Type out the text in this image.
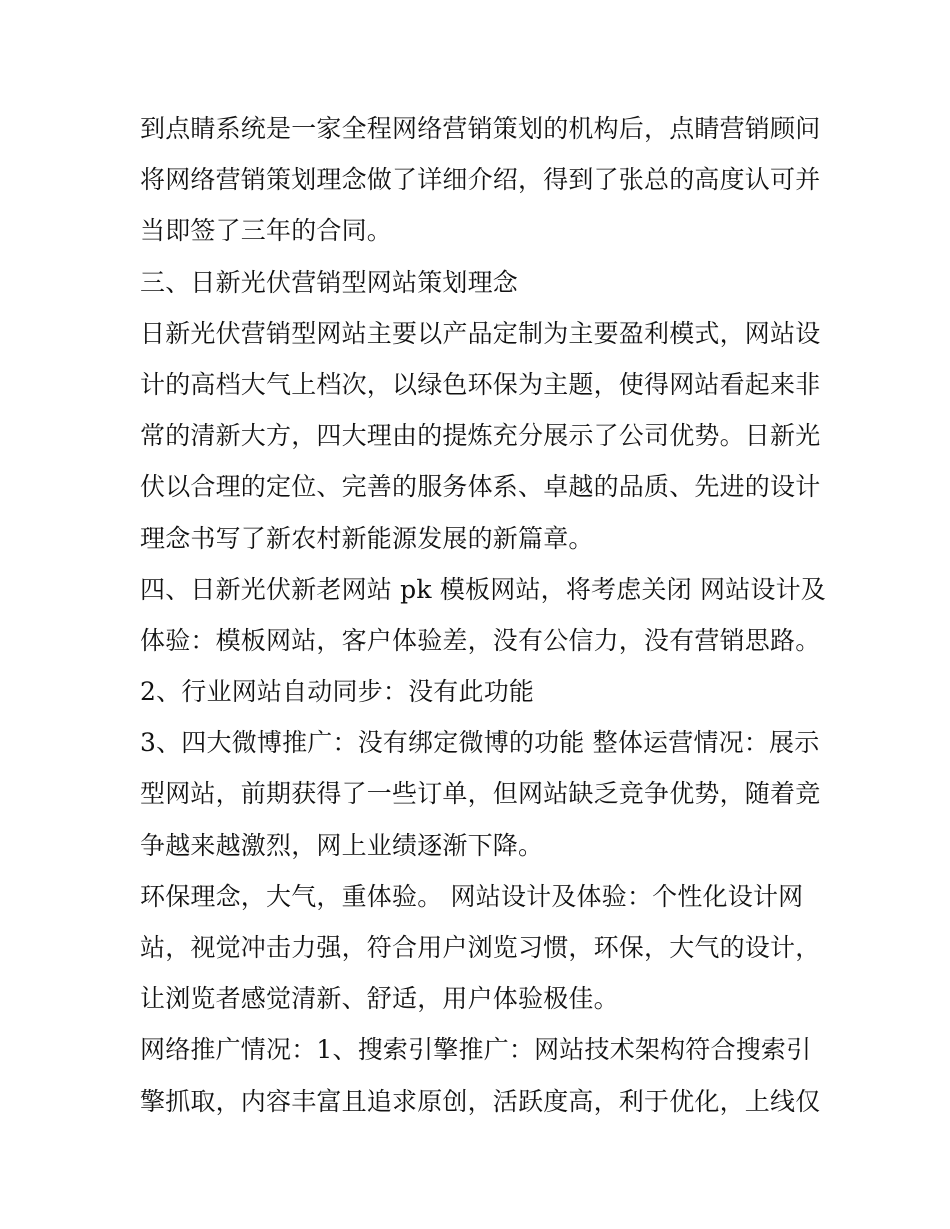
到点睛系统是一家全程网络营销策划的机构后，点睛营销顾问
将网络营销策划理念做了详细介绍，得到了张总的高度认可并
当即签了三年的合同。
三、日新光伏营销型网站策划理念
日新光伏营销型网站主要以产品定制为主要盈利模式，网站设
计的高档大气上档次，以绿色环保为主题，使得网站看起来非
常的清新大方，四大理由的提炼充分展示了公司优势。日新光
伏以合理的定位、完善的服务体系、卓越的品质、先进的设计
理念书写了新农村新能源发展的新篇章。
四、日新光伏新老网站 pk 模板网站，将考虑关闭 网站设计及
体验：模板网站，客户体验差，没有公信力，没有营销思路。
2、行业网站自动同步：没有此功能
3、四大微博推广：没有绑定微博的功能 整体运营情况：展示
型网站，前期获得了一些订单，但网站缺乏竞争优势，随着竞
争越来越激烈，网上业绩逐渐下降。
环保理念，大气，重体验。 网站设计及体验：个性化设计网
站，视觉冲击力强，符合用户浏览习惯，环保，大气的设计，
让浏览者感觉清新、舒适，用户体验极佳。
网络推广情况：1、搜索引擎推广：网站技术架构符合搜索引
擎抓取，内容丰富且追求原创，活跃度高，利于优化，上线仅
